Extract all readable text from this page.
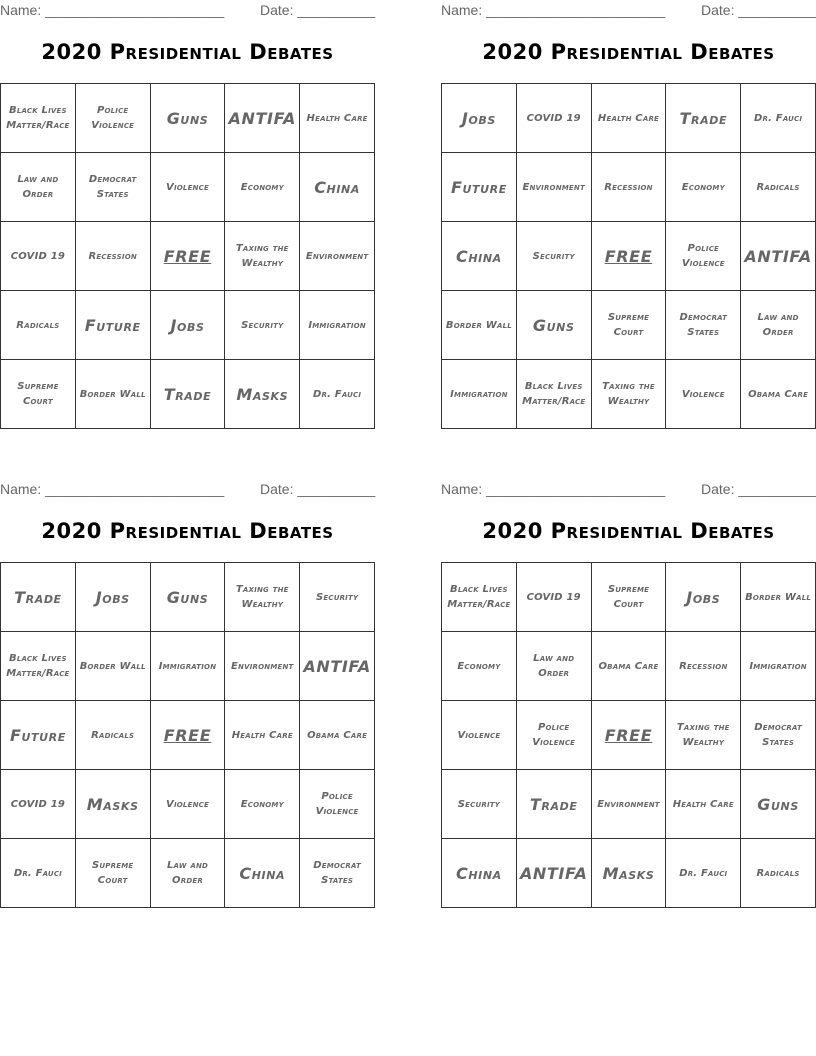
Name: _______________________	Date: __________
2020 Presidential Debates
Black Lives Matter/Race	Police Violence	Guns	ANTIFA	Health Care
Law and Order	Democrat States	Violence	Economy	China
COVID 19	Recession	FREE	Taxing the Wealthy	Environment
Radicals	Future	Jobs	Security	Immigration
Supreme Court	Border Wall	Trade	Masks	Dr. Fauci
Name: _______________________	Date: __________
2020 Presidential Debates
Jobs	COVID 19	Health Care	Trade	Dr. Fauci
Future	Environment	Recession	Economy	Radicals
China	Security	FREE	Police Violence	ANTIFA
Border Wall	Guns	Supreme Court	Democrat States	Law and Order
Immigration	Black Lives Matter/Race	Taxing the Wealthy	Violence	Obama Care
Name: _______________________	Date: __________
2020 Presidential Debates
Trade	Jobs	Guns	Taxing the Wealthy	Security
Black Lives Matter/Race	Border Wall	Immigration	Environment	ANTIFA
Future	Radicals	FREE	Health Care	Obama Care
COVID 19	Masks	Violence	Economy	Police Violence
Dr. Fauci	Supreme Court	Law and Order	China	Democrat States
Name: _______________________	Date: __________
2020 Presidential Debates
Black Lives Matter/Race	COVID 19	Supreme Court	Jobs	Border Wall
Economy	Law and Order	Obama Care	Recession	Immigration
Violence	Police Violence	FREE	Taxing the Wealthy	Democrat States
Security	Trade	Environment	Health Care	Guns
China	ANTIFA	Masks	Dr. Fauci	Radicals
